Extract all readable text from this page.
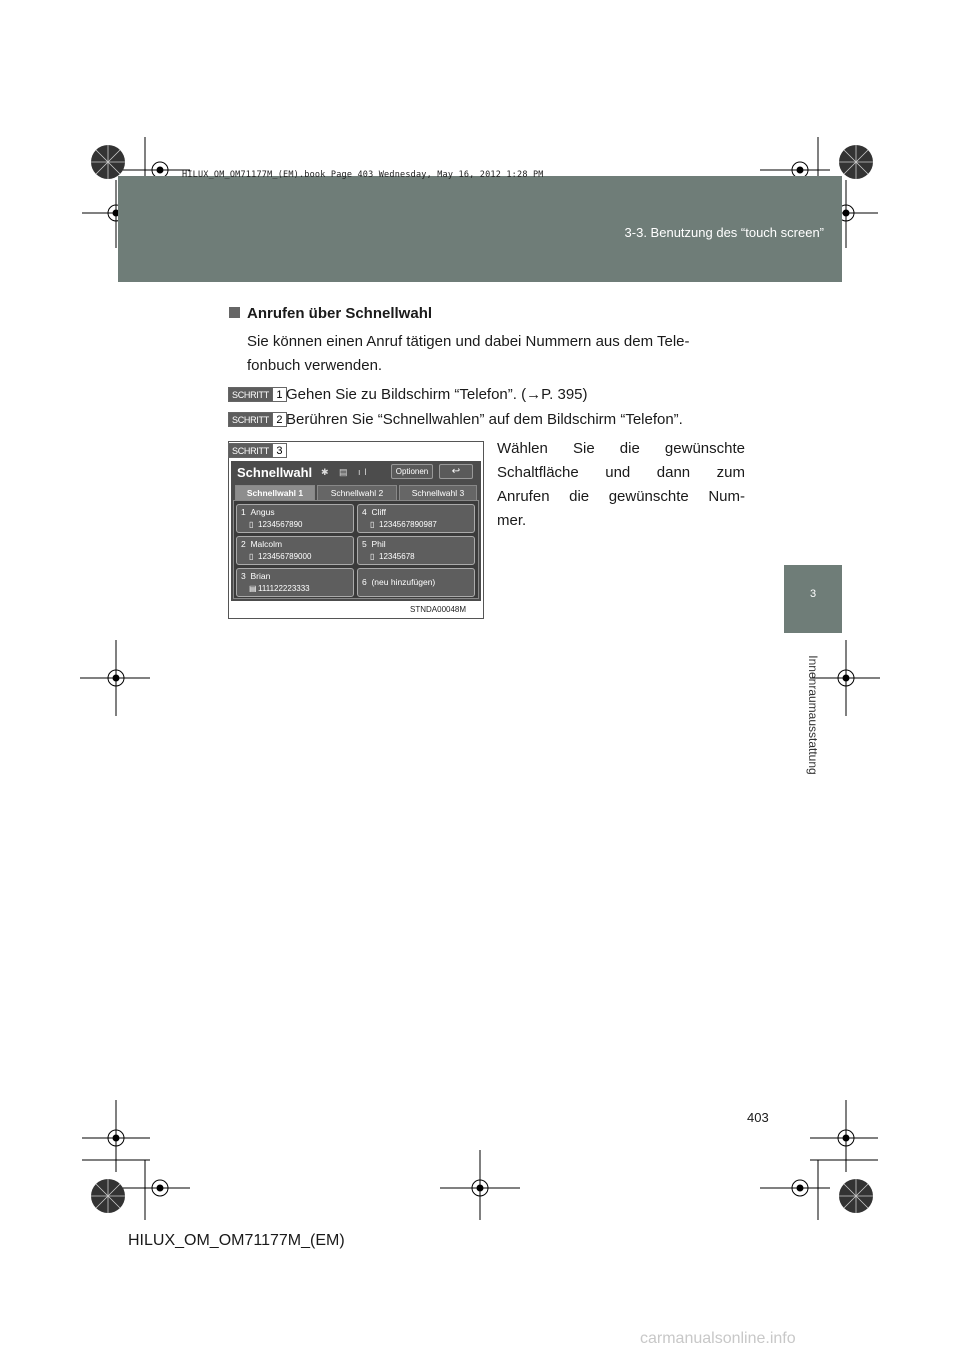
3-3. Benutzung des “touch screen”
HILUX_OM_OM71177M_(EM).book Page 403 Wednesday, May 16, 2012 1:28 PM
3
Innenraumausstattung
Anrufen über Schnellwahl
Sie können einen Anruf tätigen und dabei Nummern aus dem Tele-
fonbuch verwenden.
SCHRITT 1 Gehen Sie zu Bildschirm “Telefon”. (→P. 395)
SCHRITT 2 Berühren Sie “Schnellwahlen” auf dem Bildschirm “Telefon”.
SCHRITT 3
Schnellwahl ✱ ▤ ıl	Optionen	↩
Schnellwahl 1	Schnellwahl 2	Schnellwahl 3
1 Angus
▯ 1234567890
4 Cliff
▯ 1234567890987
2 Malcolm
▯ 123456789000
5 Phil
▯ 12345678
3 Brian
▤ 111122223333
6 (neu hinzufügen)
STNDA00048M
Wählen Sie die gewünschte
Schaltfläche und dann zum
Anrufen die gewünschte Num-
mer.
403
HILUX_OM_OM71177M_(EM)
carmanualsonline.info
